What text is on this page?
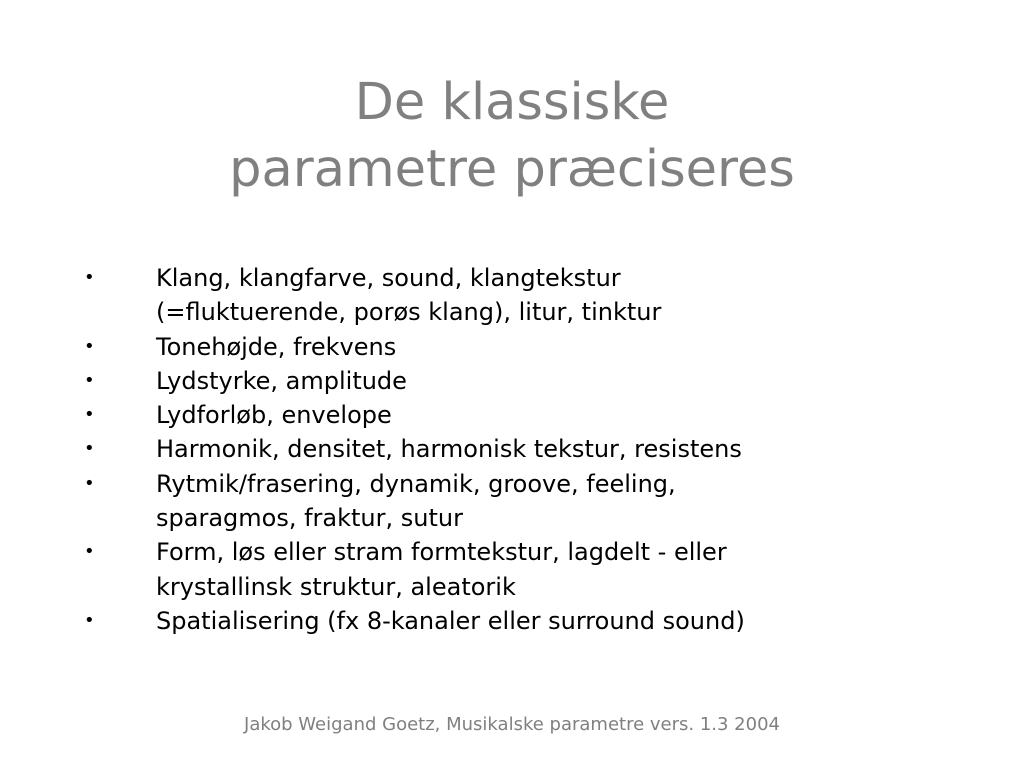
De klassiske
parametre præciseres
•	Klang, klangfarve, sound, klangtekstur
(=fluktuerende, porøs klang), litur, tinktur
•	Tonehøjde, frekvens
•	Lydstyrke, amplitude
•	Lydforløb, envelope
•	Harmonik, densitet, harmonisk tekstur, resistens
•	Rytmik/frasering, dynamik, groove, feeling,
sparagmos, fraktur, sutur
•	Form, løs eller stram formtekstur, lagdelt - eller
krystallinsk struktur, aleatorik
•	Spatialisering (fx 8-kanaler eller surround sound)
Jakob Weigand Goetz, Musikalske parametre vers. 1.3 2004
